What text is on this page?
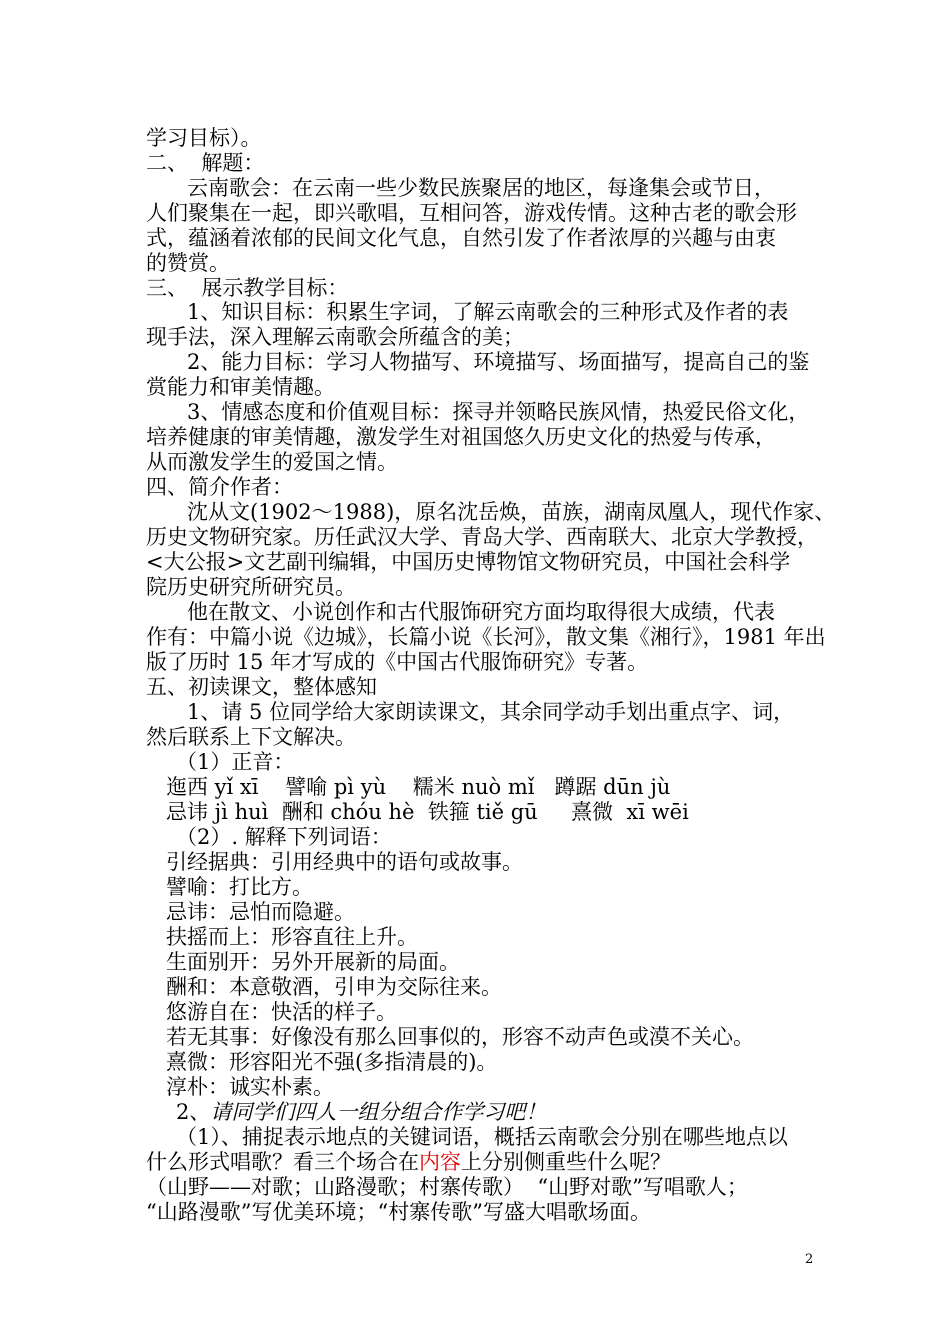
学习目标）。
二、  解题：
云南歌会：在云南一些少数民族聚居的地区，每逢集会或节日，
人们聚集在一起，即兴歌唱，互相问答，游戏传情。这种古老的歌会形
式，蕴涵着浓郁的民间文化气息，自然引发了作者浓厚的兴趣与由衷
的赞赏。
三、  展示教学目标：
1、知识目标：积累生字词，了解云南歌会的三种形式及作者的表
现手法，深入理解云南歌会所蕴含的美；
2、能力目标：学习人物描写、环境描写、场面描写，提高自己的鉴
赏能力和审美情趣。
3、情感态度和价值观目标：探寻并领略民族风情，热爱民俗文化，
培养健康的审美情趣，激发学生对祖国悠久历史文化的热爱与传承，
从而激发学生的爱国之情。
四、简介作者：
沈从文(1902～1988)，原名沈岳焕，苗族，湖南凤凰人，现代作家、
历史文物研究家。历任武汉大学、青岛大学、西南联大、北京大学教授，
<大公报>文艺副刊编辑，中国历史博物馆文物研究员，中国社会科学
院历史研究所研究员。
他在散文、小说创作和古代服饰研究方面均取得很大成绩，代表
作有：中篇小说《边城》，长篇小说《长河》，散文集《湘行》，1981 年出
版了历时 15 年才写成的《中国古代服饰研究》专著。
五、初读课文，整体感知
1、请 5 位同学给大家朗读课文，其余同学动手划出重点字、词，
然后联系上下文解决。
（1）正音：
迤西 yǐ xī    譬喻 pì yù    糯米 nuò mǐ   蹲踞 dūn jù
忌讳 jì huì  酬和 chóu hè  铁箍 tiě gū     熹微  xī wēi
（2）. 解释下列词语：
引经据典：引用经典中的语句或故事。
譬喻：打比方。
忌讳：忌怕而隐避。
扶摇而上：形容直往上升。
生面别开：另外开展新的局面。
酬和：本意敬酒，引申为交际往来。
悠游自在：快活的样子。
若无其事：好像没有那么回事似的，形容不动声色或漠不关心。
熹微：形容阳光不强(多指清晨的)。
淳朴：诚实朴素。
2、请同学们四人一组分组合作学习吧！
（1）、捕捉表示地点的关键词语，概括云南歌会分别在哪些地点以
什么形式唱歌？看三个场合在内容上分别侧重些什么呢？
（山野——对歌；山路漫歌；村寨传歌）  “山野对歌”写唱歌人；
“山路漫歌”写优美环境；“村寨传歌”写盛大唱歌场面。
2
